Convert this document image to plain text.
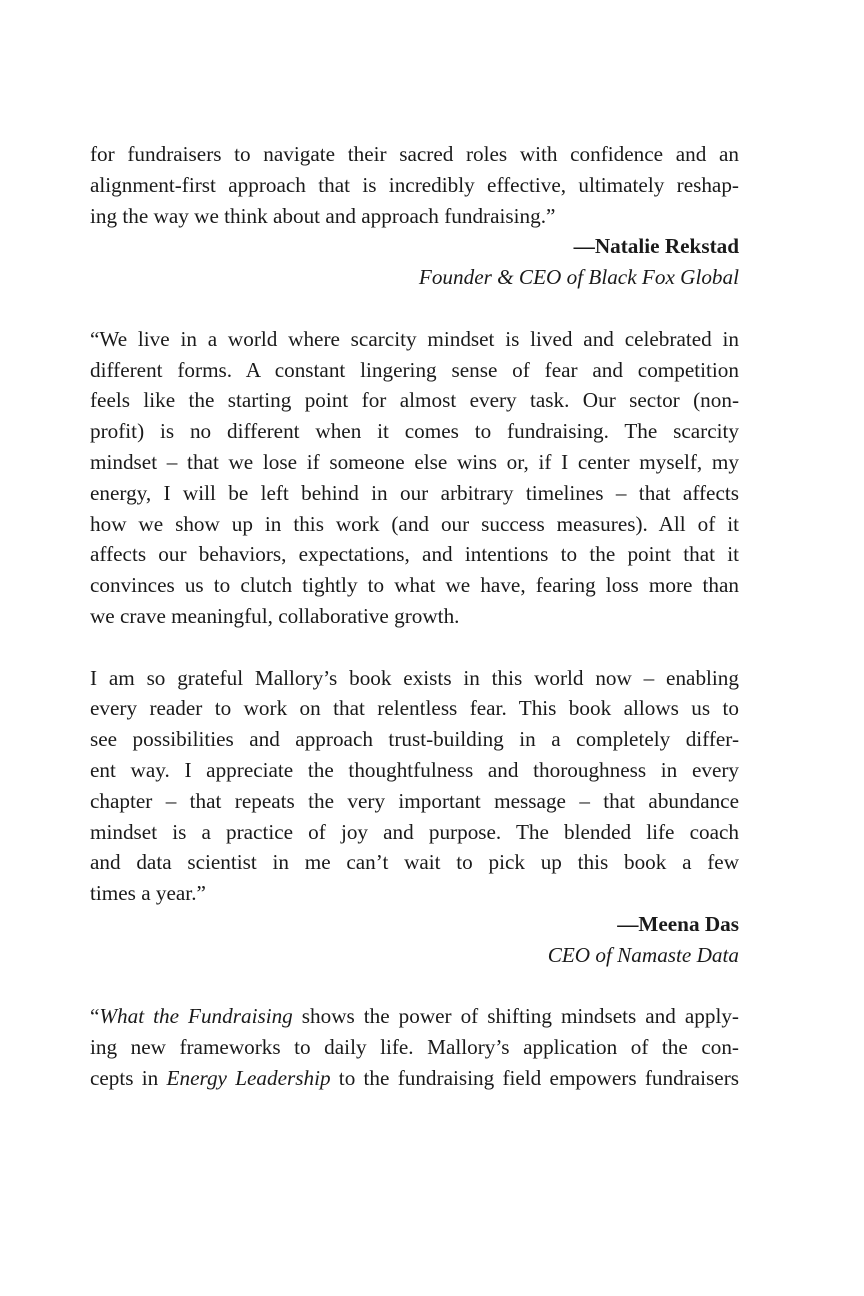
for fundraisers to navigate their sacred roles with confidence and an
alignment-first approach that is incredibly effective, ultimately reshap-
ing the way we think about and approach fundraising.”

—Natalie Rekstad

Founder & CEO of Black Fox Global

“We live in a world where scarcity mindset is lived and celebrated in
different forms. A constant lingering sense of fear and competition
feels like the starting point for almost every task. Our sector (non-
profit) is no different when it comes to fundraising. The scarcity
mindset – that we lose if someone else wins or, if I center myself, my
energy, I will be left behind in our arbitrary timelines – that affects
how we show up in this work (and our success measures). All of it
affects our behaviors, expectations, and intentions to the point that it
convinces us to clutch tightly to what we have, fearing loss more than
we crave meaningful, collaborative growth.
I am so grateful Mallory’s book exists in this world now – enabling
every reader to work on that relentless fear. This book allows us to
see possibilities and approach trust-building in a completely differ-
ent way. I appreciate the thoughtfulness and thoroughness in every
chapter – that repeats the very important message – that abundance
mindset is a practice of joy and purpose. The blended life coach
and data scientist in me can’t wait to pick up this book a few
times a year.”

—Meena Das

CEO of Namaste Data

“What the Fundraising shows the power of shifting mindsets and apply-
ing new frameworks to daily life. Mallory’s application of the con-
cepts in Energy Leadership to the fundraising field empowers fundraisers
